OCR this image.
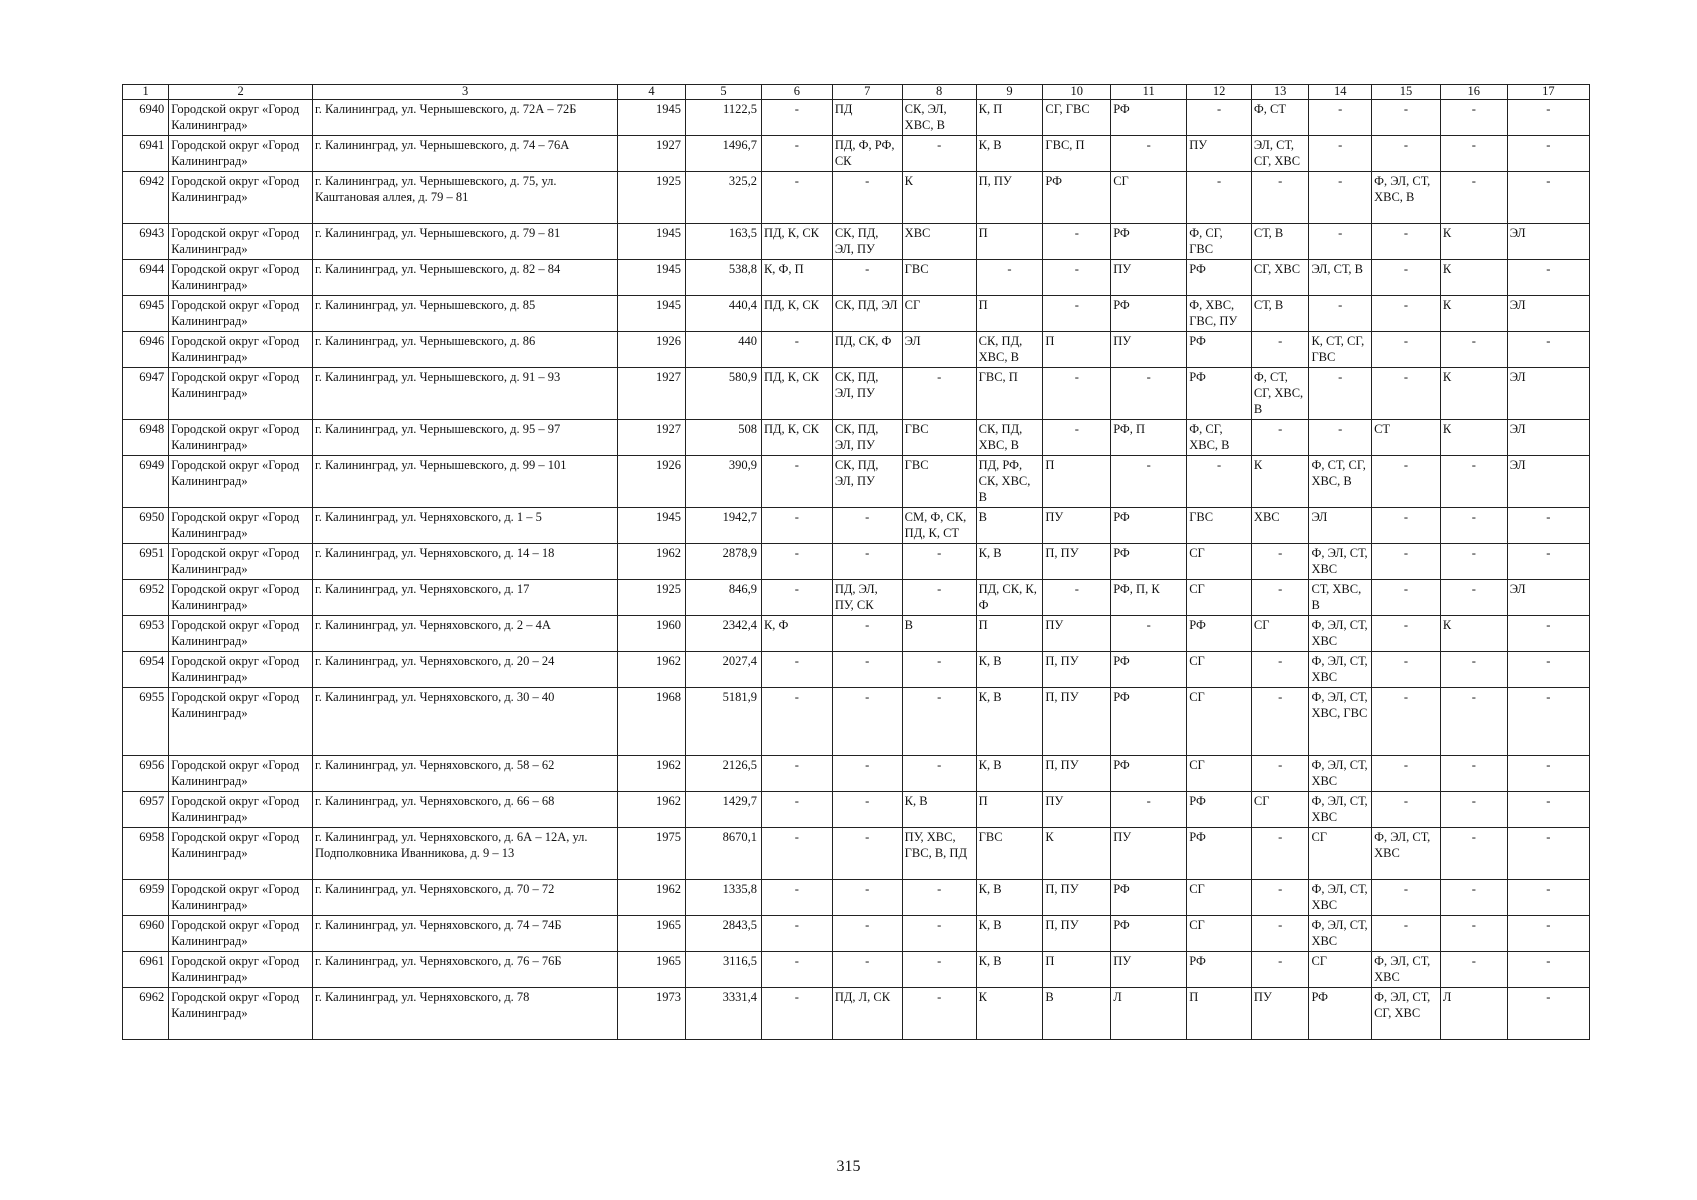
1	2	3	4	5	6	7	8	9	10	11	12	13	14	15	16	17
6940	Городской округ «Город Калининград»	г. Калининград, ул. Чернышевского, д. 72А – 72Б	1945	1122,5	-	ПД	СК, ЭЛ, ХВС, В	К, П	СГ, ГВС	РФ	-	Ф, СТ	-	-	-	-
6941	Городской округ «Город Калининград»	г. Калининград, ул. Чернышевского, д. 74 – 76А	1927	1496,7	-	ПД, Ф, РФ, СК	-	К, В	ГВС, П	-	ПУ	ЭЛ, СТ, СГ, ХВС	-	-	-	-
6942	Городской округ «Город Калининград»	г. Калининград, ул. Чернышевского, д. 75, ул. Каштановая аллея, д. 79 – 81	1925	325,2	-	-	К	П, ПУ	РФ	СГ	-	-	-	Ф, ЭЛ, СТ, ХВС, В	-	-
6943	Городской округ «Город Калининград»	г. Калининград, ул. Чернышевского, д. 79 – 81	1945	163,5	ПД, К, СК	СК, ПД, ЭЛ, ПУ	ХВС	П	-	РФ	Ф, СГ, ГВС	СТ, В	-	-	К	ЭЛ
6944	Городской округ «Город Калининград»	г. Калининград, ул. Чернышевского, д. 82 – 84	1945	538,8	К, Ф, П	-	ГВС	-	-	ПУ	РФ	СГ, ХВС	ЭЛ, СТ, В	-	К	-
6945	Городской округ «Город Калининград»	г. Калининград, ул. Чернышевского, д. 85	1945	440,4	ПД, К, СК	СК, ПД, ЭЛ	СГ	П	-	РФ	Ф, ХВС, ГВС, ПУ	СТ, В	-	-	К	ЭЛ
6946	Городской округ «Город Калининград»	г. Калининград, ул. Чернышевского, д. 86	1926	440	-	ПД, СК, Ф	ЭЛ	СК, ПД, ХВС, В	П	ПУ	РФ	-	К, СТ, СГ, ГВС	-	-	-
6947	Городской округ «Город Калининград»	г. Калининград, ул. Чернышевского, д. 91 – 93	1927	580,9	ПД, К, СК	СК, ПД, ЭЛ, ПУ	-	ГВС, П	-	-	РФ	Ф, СТ, СГ, ХВС, В	-	-	К	ЭЛ
6948	Городской округ «Город Калининград»	г. Калининград, ул. Чернышевского, д. 95 – 97	1927	508	ПД, К, СК	СК, ПД, ЭЛ, ПУ	ГВС	СК, ПД, ХВС, В	-	РФ, П	Ф, СГ, ХВС, В	-	-	СТ	К	ЭЛ
6949	Городской округ «Город Калининград»	г. Калининград, ул. Чернышевского, д. 99 – 101	1926	390,9	-	СК, ПД, ЭЛ, ПУ	ГВС	ПД, РФ, СК, ХВС, В	П	-	-	К	Ф, СТ, СГ, ХВС, В	-	-	ЭЛ
6950	Городской округ «Город Калининград»	г. Калининград, ул. Черняховского, д. 1 – 5	1945	1942,7	-	-	СМ, Ф, СК, ПД, К, СТ	В	ПУ	РФ	ГВС	ХВС	ЭЛ	-	-	-
6951	Городской округ «Город Калининград»	г. Калининград, ул. Черняховского, д. 14 – 18	1962	2878,9	-	-	-	К, В	П, ПУ	РФ	СГ	-	Ф, ЭЛ, СТ, ХВС	-	-	-
6952	Городской округ «Город Калининград»	г. Калининград, ул. Черняховского, д. 17	1925	846,9	-	ПД, ЭЛ, ПУ, СК	-	ПД, СК, К, Ф	-	РФ, П, К	СГ	-	СТ, ХВС, В	-	-	ЭЛ
6953	Городской округ «Город Калининград»	г. Калининград, ул. Черняховского, д. 2 – 4А	1960	2342,4	К, Ф	-	В	П	ПУ	-	РФ	СГ	Ф, ЭЛ, СТ, ХВС	-	К	-
6954	Городской округ «Город Калининград»	г. Калининград, ул. Черняховского, д. 20 – 24	1962	2027,4	-	-	-	К, В	П, ПУ	РФ	СГ	-	Ф, ЭЛ, СТ, ХВС	-	-	-
6955	Городской округ «Город Калининград»	г. Калининград, ул. Черняховского, д. 30 – 40	1968	5181,9	-	-	-	К, В	П, ПУ	РФ	СГ	-	Ф, ЭЛ, СТ, ХВС, ГВС	-	-	-
6956	Городской округ «Город Калининград»	г. Калининград, ул. Черняховского, д. 58 – 62	1962	2126,5	-	-	-	К, В	П, ПУ	РФ	СГ	-	Ф, ЭЛ, СТ, ХВС	-	-	-
6957	Городской округ «Город Калининград»	г. Калининград, ул. Черняховского, д. 66 – 68	1962	1429,7	-	-	К, В	П	ПУ	-	РФ	СГ	Ф, ЭЛ, СТ, ХВС	-	-	-
6958	Городской округ «Город Калининград»	г. Калининград, ул. Черняховского, д. 6А – 12А, ул. Подполковника Иванникова, д. 9 – 13	1975	8670,1	-	-	ПУ, ХВС, ГВС, В, ПД	ГВС	К	ПУ	РФ	-	СГ	Ф, ЭЛ, СТ, ХВС	-	-
6959	Городской округ «Город Калининград»	г. Калининград, ул. Черняховского, д. 70 – 72	1962	1335,8	-	-	-	К, В	П, ПУ	РФ	СГ	-	Ф, ЭЛ, СТ, ХВС	-	-	-
6960	Городской округ «Город Калининград»	г. Калининград, ул. Черняховского, д. 74 – 74Б	1965	2843,5	-	-	-	К, В	П, ПУ	РФ	СГ	-	Ф, ЭЛ, СТ, ХВС	-	-	-
6961	Городской округ «Город Калининград»	г. Калининград, ул. Черняховского, д. 76 – 76Б	1965	3116,5	-	-	-	К, В	П	ПУ	РФ	-	СГ	Ф, ЭЛ, СТ, ХВС	-	-
6962	Городской округ «Город Калининград»	г. Калининград, ул. Черняховского, д. 78	1973	3331,4	-	ПД, Л, СК	-	К	В	Л	П	ПУ	РФ	Ф, ЭЛ, СТ, СГ, ХВС	Л	-
315
